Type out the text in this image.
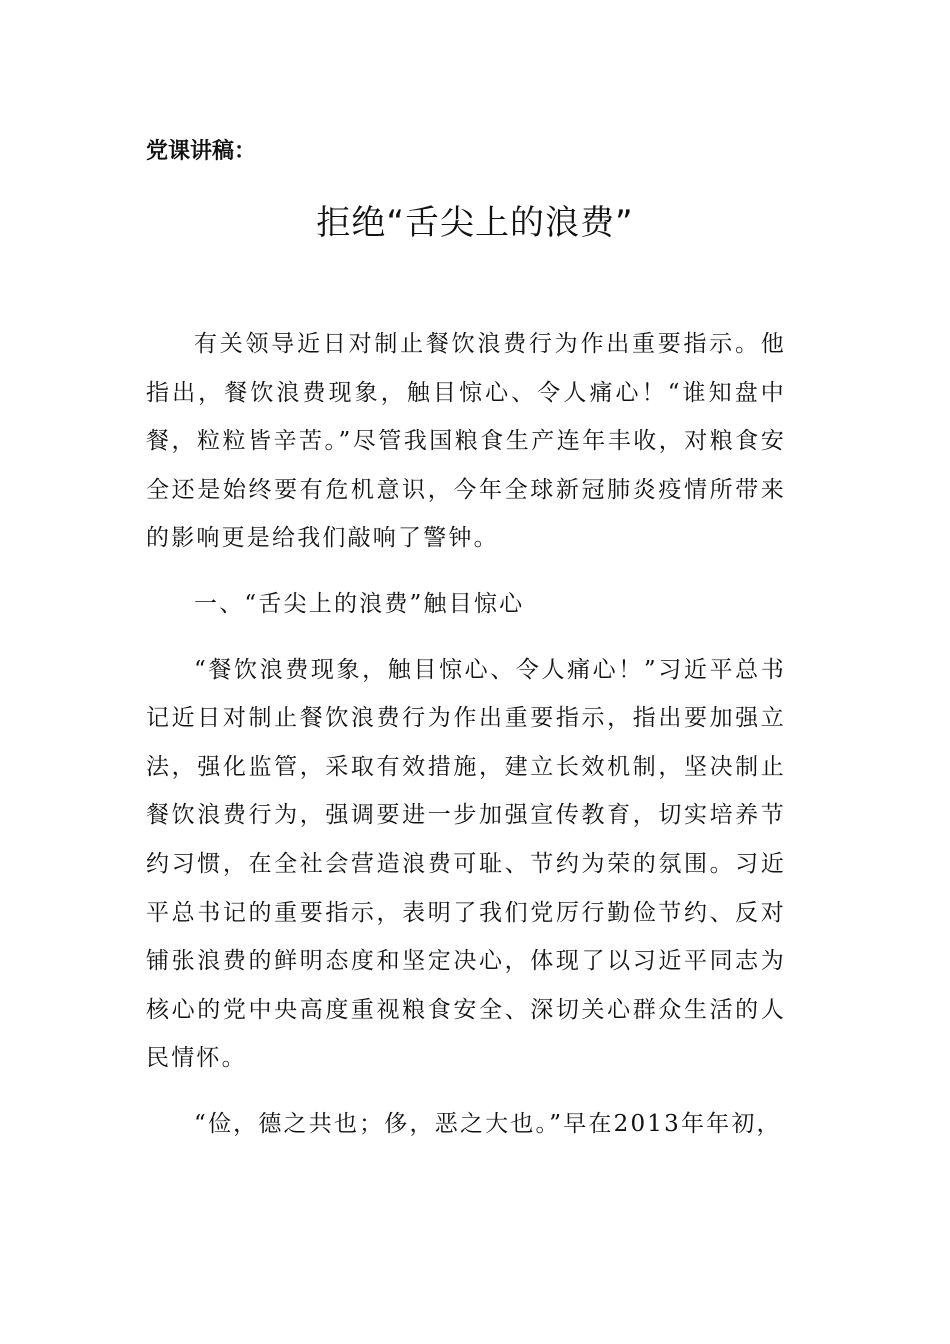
党课讲稿：

拒绝“舌尖上的浪费”

有关领导近日对制止餐饮浪费行为作出重要指示。他指出，餐饮浪费现象，触目惊心、令人痛心！“谁知盘中餐，粒粒皆辛苦。”尽管我国粮食生产连年丰收，对粮食安全还是始终要有危机意识，今年全球新冠肺炎疫情所带来的影响更是给我们敲响了警钟。

一、“舌尖上的浪费”触目惊心

“餐饮浪费现象，触目惊心、令人痛心！”习近平总书记近日对制止餐饮浪费行为作出重要指示，指出要加强立法，强化监管，采取有效措施，建立长效机制，坚决制止餐饮浪费行为，强调要进一步加强宣传教育，切实培养节约习惯，在全社会营造浪费可耻、节约为荣的氛围。习近平总书记的重要指示，表明了我们党厉行勤俭节约、反对铺张浪费的鲜明态度和坚定决心，体现了以习近平同志为核心的党中央高度重视粮食安全、深切关心群众生活的人民情怀。

“俭，德之共也；侈，恶之大也。”早在2013年年初，
